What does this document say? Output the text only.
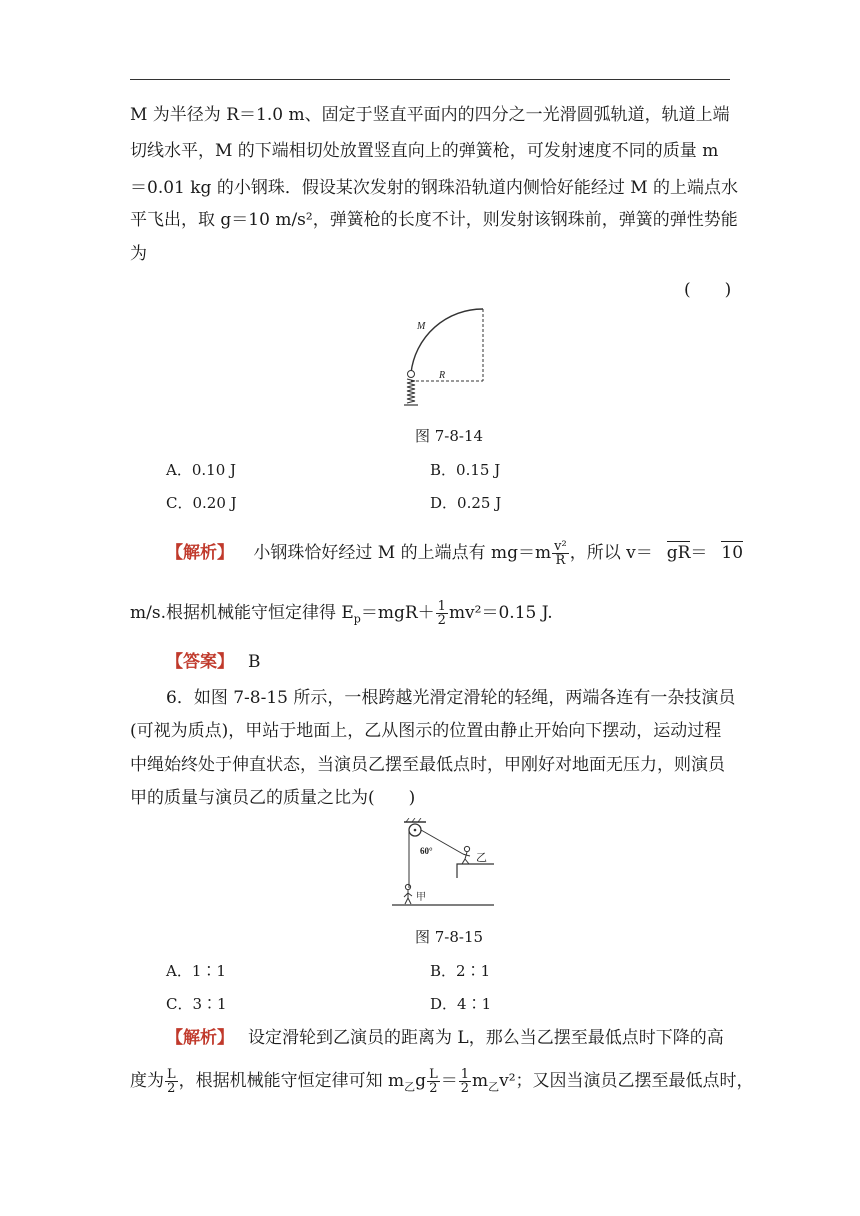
M 为半径为 R＝1.0 m、固定于竖直平面内的四分之一光滑圆弧轨道，轨道上端
切线水平，M 的下端相切处放置竖直向上的弹簧枪，可发射速度不同的质量 m
＝0.01 kg 的小钢珠．假设某次发射的钢珠沿轨道内侧恰好能经过 M 的上端点水
平飞出，取 g＝10 m/s²，弹簧枪的长度不计，则发射该钢珠前，弹簧的弹性势能
为
(　　)
M
R
图 7-8-14
A．0.10 J	B．0.15 J
C．0.20 J	D．0.25 J
【解析】 小钢珠恰好经过 M 的上端点有 $mg=m \frac{\text{v²}}{R}$ ，所以 v＝ gR＝ 10
m/s.根据机械能守恒定律得 $E_p=mgR+ \frac{1}{2} mv^2=0.15$ J.
【答案】 B
6．如图 7-8-15 所示，一根跨越光滑定滑轮的轻绳，两端各连有一杂技演员
(可视为质点)，甲站于地面上，乙从图示的位置由静止开始向下摆动，运动过程
中绳始终处于伸直状态，当演员乙摆至最低点时，甲刚好对地面无压力，则演员
甲的质量与演员乙的质量之比为(　　)
60°	乙
甲
图 7-8-15
A．1∶1	B．2∶1
C．3∶1	D．4∶1
【解析】 设定滑轮到乙演员的距离为 L，那么当乙摆至最低点时下降的高
度为 $\frac{L}{2}$ ，根据机械能守恒定律可知 $m_乙g \frac{L}{2} = \frac{1}{2} m_乙v^2$；又因当演员乙摆至最低点时，
